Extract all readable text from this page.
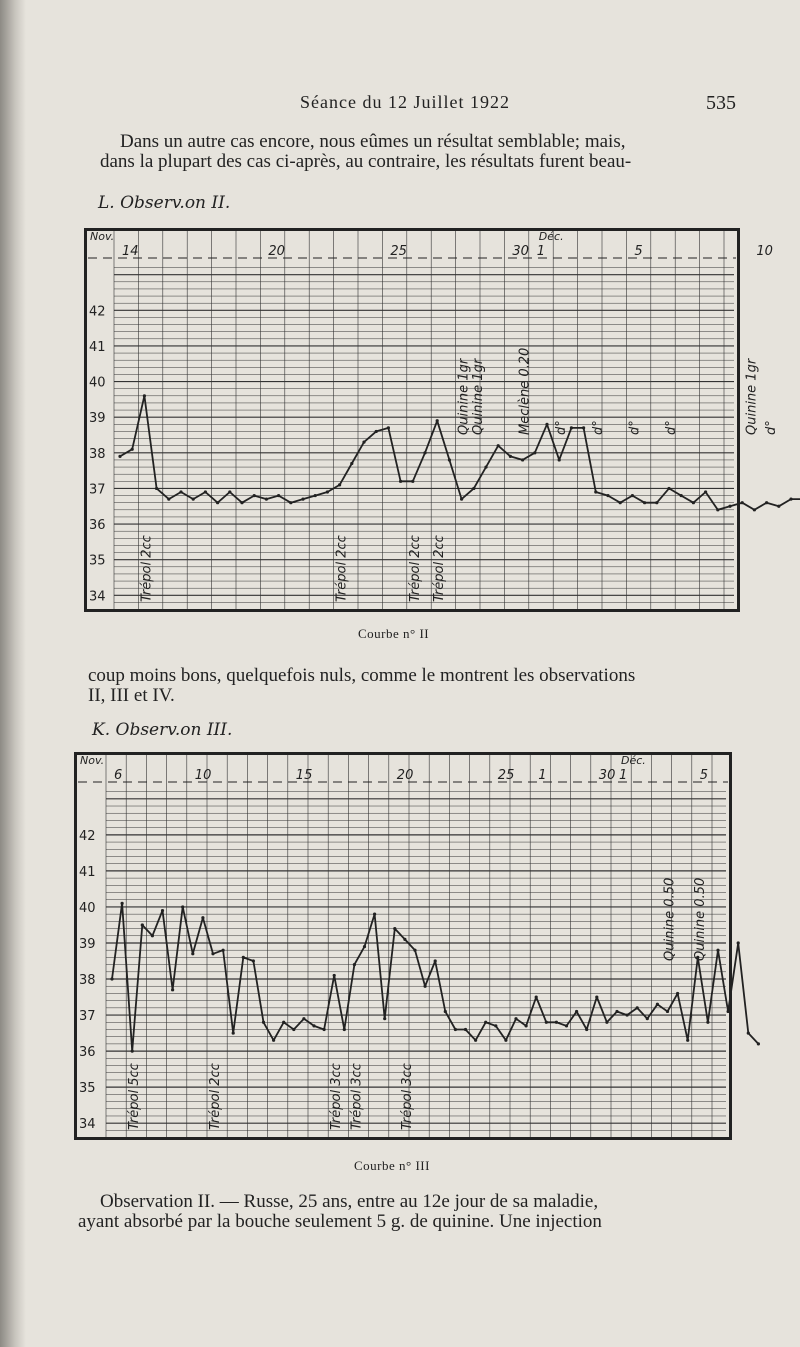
Séance du 12 Juillet 1922	535
Dans un autre cas encore, nous eûmes un résultat semblable; mais,
dans la plupart des cas ci-après, au contraire, les résultats furent beau-
L. Observ.on II.
34
35
36
37
38
39
40
41
42
Nov.	Déc.
14	20	25	30 1	5	10
Trépol 2cc	Trépol 2cc	Trépol 2cc Trépol 2cc
Quinine 1gr Quinine 1gr Meclène 0.20 d° d° d° d°	Quinine 1gr d°
Courbe n° II
coup moins bons, quelquefois nuls, comme le montrent les observations
II, III et IV.
K. Observ.on III.
34
35
36
37
38
39
40
41
42
Nov.	Déc.
6	10	15	20	25 1	30 1	5
Trépol 5cc	Trépol 2cc	Trépol 3cc Trépol 3cc	Trépol 3cc
Quinine 0.50 Quinine 0.50
Courbe n° III
Observation II. — Russe, 25 ans, entre au 12e jour de sa maladie,
ayant absorbé par la bouche seulement 5 g. de quinine. Une injection
